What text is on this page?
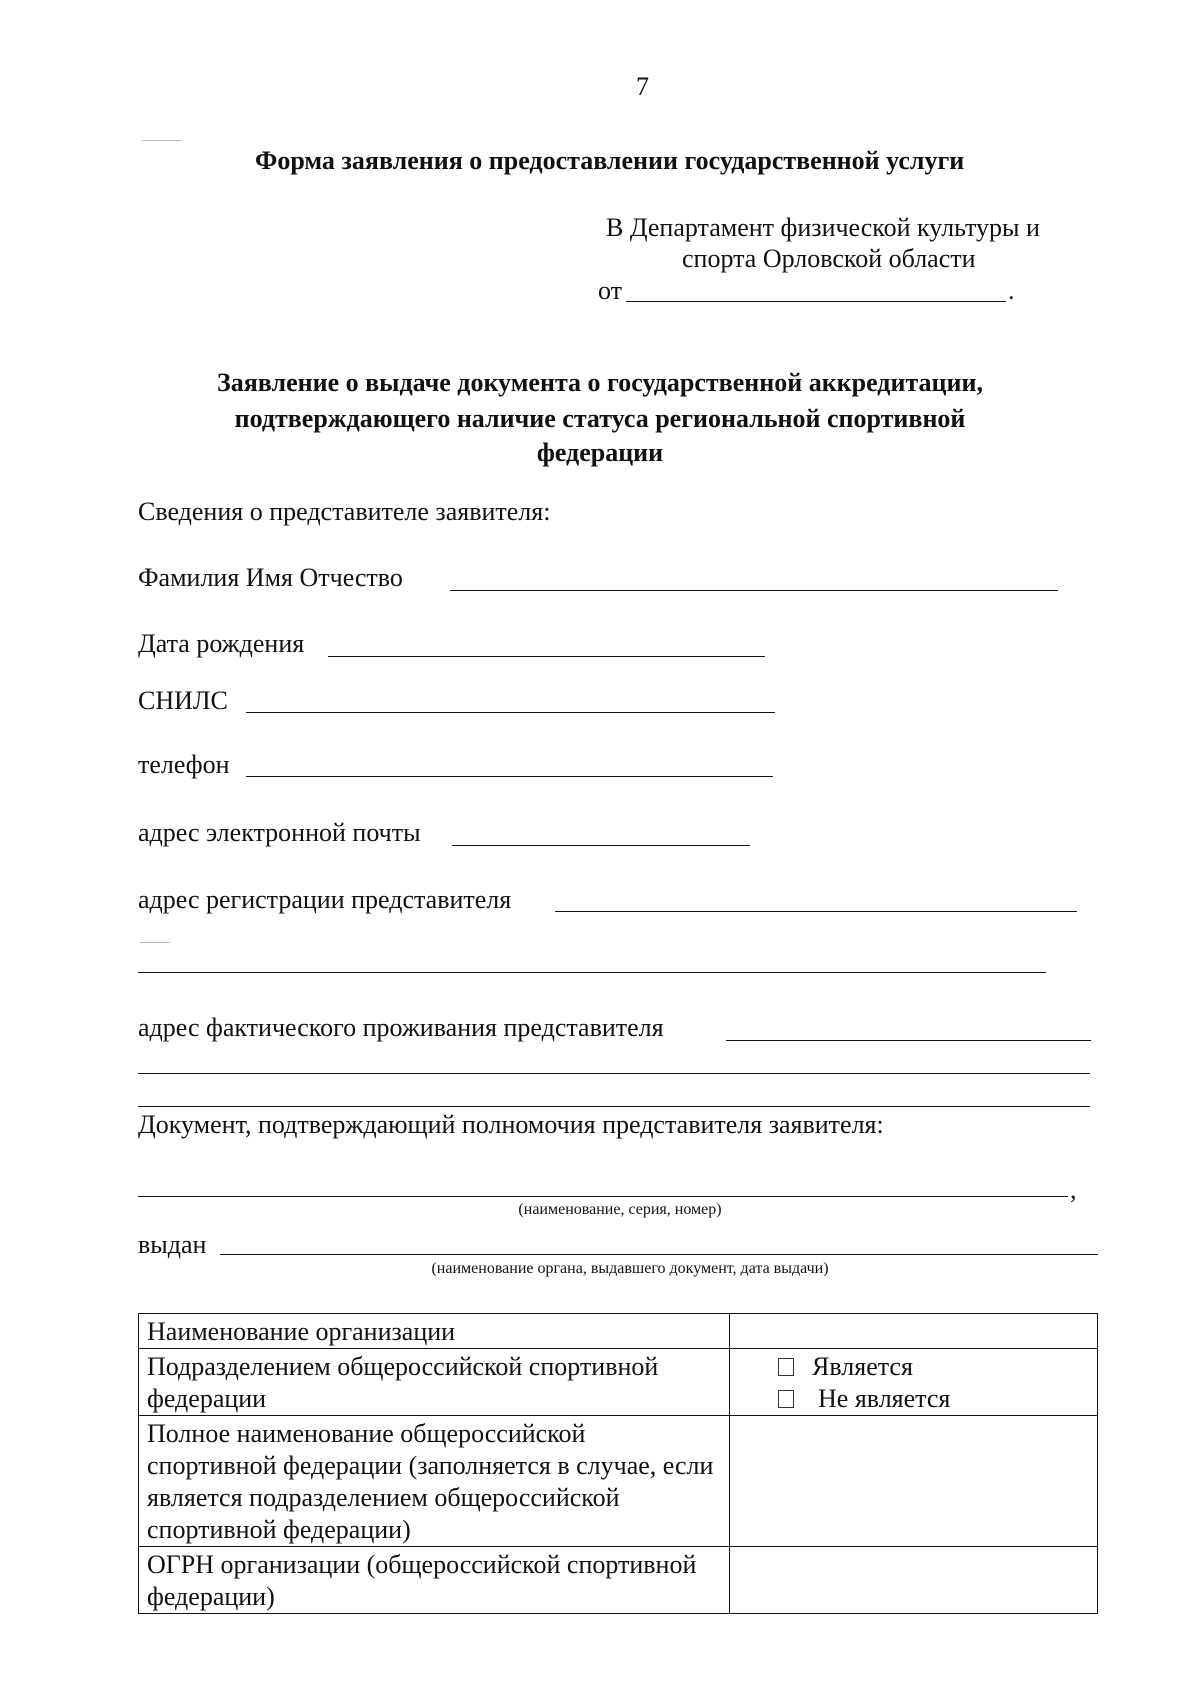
7
Форма заявления о предоставлении государственной услуги
В Департамент физической культуры и
спорта Орловской области
от	.
Заявление о выдаче документа о государственной аккредитации,
подтверждающего наличие статуса региональной спортивной
федерации
Сведения о представителе заявителя:
Фамилия Имя Отчество
Дата рождения
СНИЛС
телефон
адрес электронной почты
адрес регистрации представителя
адрес фактического проживания представителя
Документ, подтверждающий полномочия представителя заявителя:
,
(наименование, серия, номер)
выдан
(наименование органа, выдавшего документ, дата выдачи)
Наименование организации	
Подразделением общероссийской спортивной федерации	Является
Не является

Полное наименование общероссийской спортивной федерации (заполняется в случае, если является подразделением общероссийской спортивной федерации)	
ОГРН организации (общероссийской спортивной федерации)	
